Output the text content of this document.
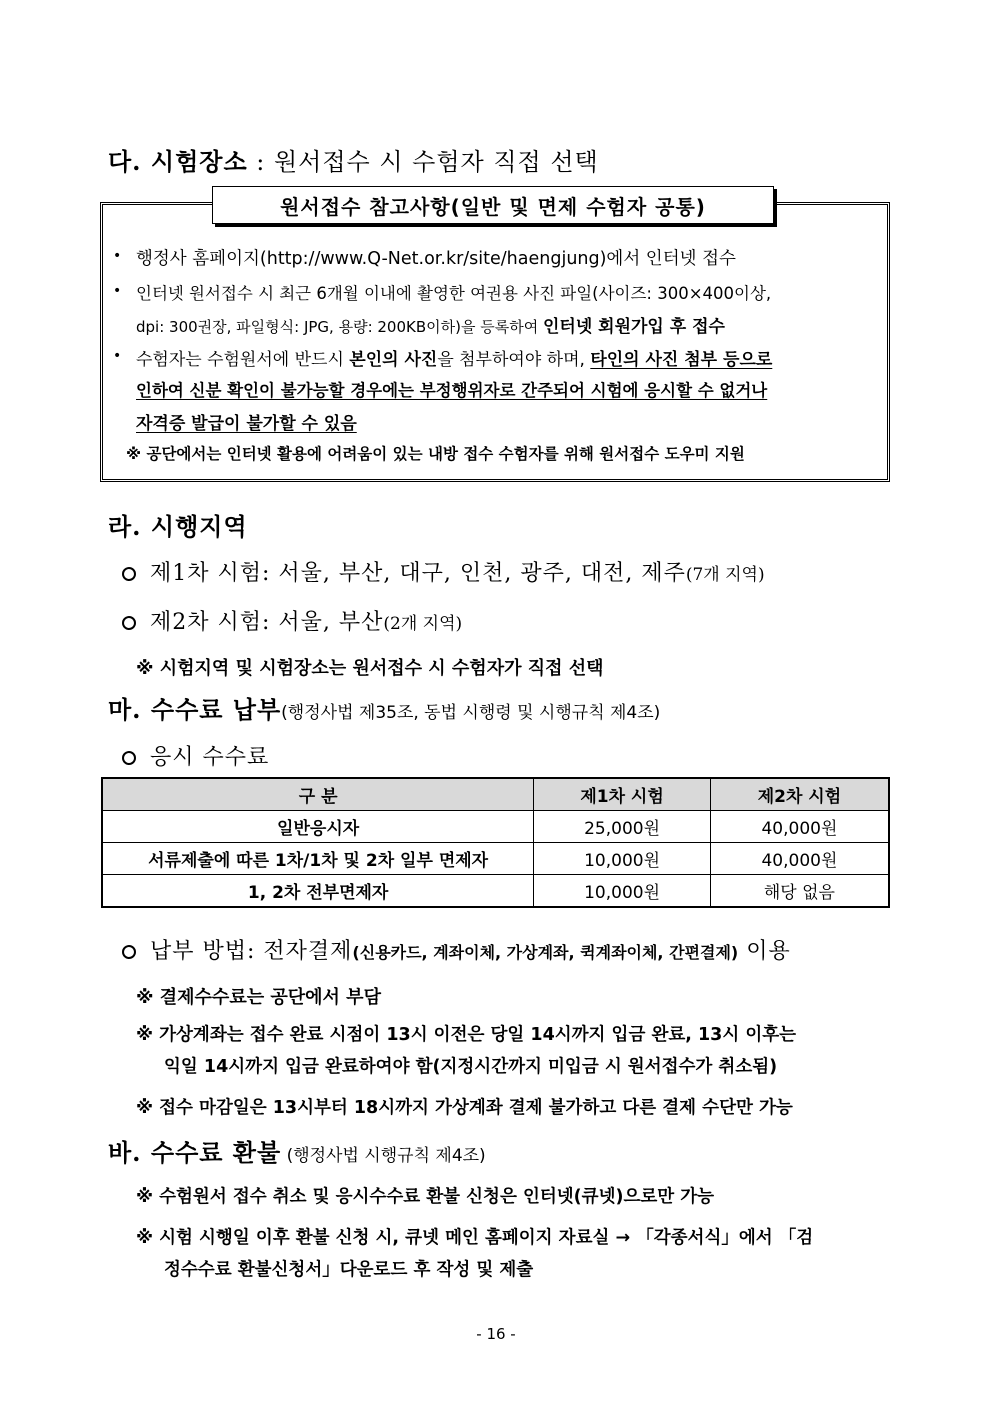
다. 시험장소 : 원서접수 시 수험자 직접 선택
원서접수 참고사항(일반 및 면제 수험자 공통)
• 행정사 홈페이지(http://www.Q-Net.or.kr/site/haengjung)에서 인터넷 접수
• 인터넷 원서접수 시 최근 6개월 이내에 촬영한 여권용 사진 파일(사이즈: 300×400이상,
dpi: 300권장, 파일형식: JPG, 용량: 200KB이하)을 등록하여 인터넷 회원가입 후 접수
• 수험자는 수험원서에 반드시 본인의 사진을 첨부하여야 하며, 타인의 사진 첨부 등으로
인하여 신분 확인이 불가능할 경우에는 부정행위자로 간주되어 시험에 응시할 수 없거나
자격증 발급이 불가할 수 있음
※ 공단에서는 인터넷 활용에 어려움이 있는 내방 접수 수험자를 위해 원서접수 도우미 지원
라. 시행지역
제1차 시험: 서울, 부산, 대구, 인천, 광주, 대전, 제주(7개 지역)
제2차 시험: 서울, 부산(2개 지역)
※ 시험지역 및 시험장소는 원서접수 시 수험자가 직접 선택
마. 수수료 납부(행정사법 제35조, 동법 시행령 및 시행규칙 제4조)
응시 수수료
구 분	제1차 시험	제2차 시험
일반응시자	25,000원	40,000원
서류제출에 따른 1차/1차 및 2차 일부 면제자	10,000원	40,000원
1, 2차 전부면제자	10,000원	해당 없음
납부 방법: 전자결제(신용카드, 계좌이체, 가상계좌, 퀵계좌이체, 간편결제) 이용
※ 결제수수료는 공단에서 부담
※ 가상계좌는 접수 완료 시점이 13시 이전은 당일 14시까지 입금 완료, 13시 이후는
익일 14시까지 입금 완료하여야 함(지정시간까지 미입금 시 원서접수가 취소됨)
※ 접수 마감일은 13시부터 18시까지 가상계좌 결제 불가하고 다른 결제 수단만 가능
바. 수수료 환불 (행정사법 시행규칙 제4조)
※ 수험원서 접수 취소 및 응시수수료 환불 신청은 인터넷(큐넷)으로만 가능
※ 시험 시행일 이후 환불 신청 시, 큐넷 메인 홈페이지 자료실 → 「각종서식」에서 「검
정수수료 환불신청서」다운로드 후 작성 및 제출
- 16 -
